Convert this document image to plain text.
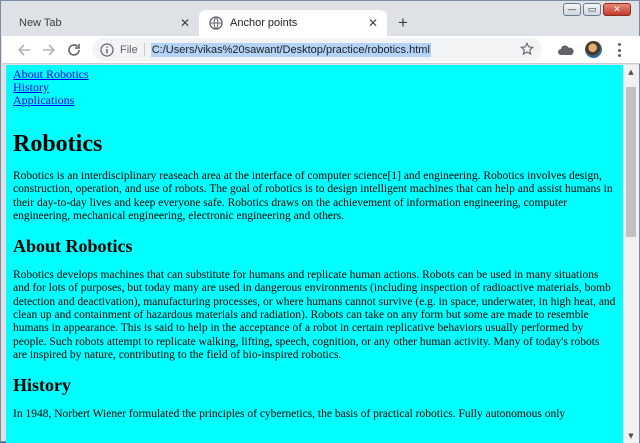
New Tab	✕	Anchor points	✕ +
—	▭	✕
File C:/Users/vikas%20sawant/Desktop/practice/robotics.html
About Robotics
History
Applications
Robotics

Robotics is an interdisciplinary reaseach area at the interface of computer science[1] and engineering. Robotics involves design, construction, operation, and use of robots. The goal of robotics is to design intelligent machines that can help and assist humans in their day-to-day lives and keep everyone safe. Robotics draws on the achievement of information engineering, computer engineering, mechanical engineering, electronic engineering and others.

About Robotics

Robotics develops machines that can substitute for humans and replicate human actions. Robots can be used in many situations and for lots of purposes, but today many are used in dangerous environments (including inspection of radioactive materials, bomb detection and deactivation), manufacturing processes, or where humans cannot survive (e.g. in space, underwater, in high heat, and clean up and containment of hazardous materials and radiation). Robots can take on any form but some are made to resemble humans in appearance. This is said to help in the acceptance of a robot in certain replicative behaviors usually performed by people. Such robots attempt to replicate walking, lifting, speech, cognition, or any other human activity. Many of today's robots are inspired by nature, contributing to the field of bio-inspired robotics.

History

In 1948, Norbert Wiener formulated the principles of cybernetics, the basis of practical robotics. Fully autonomous only

▲
▼
